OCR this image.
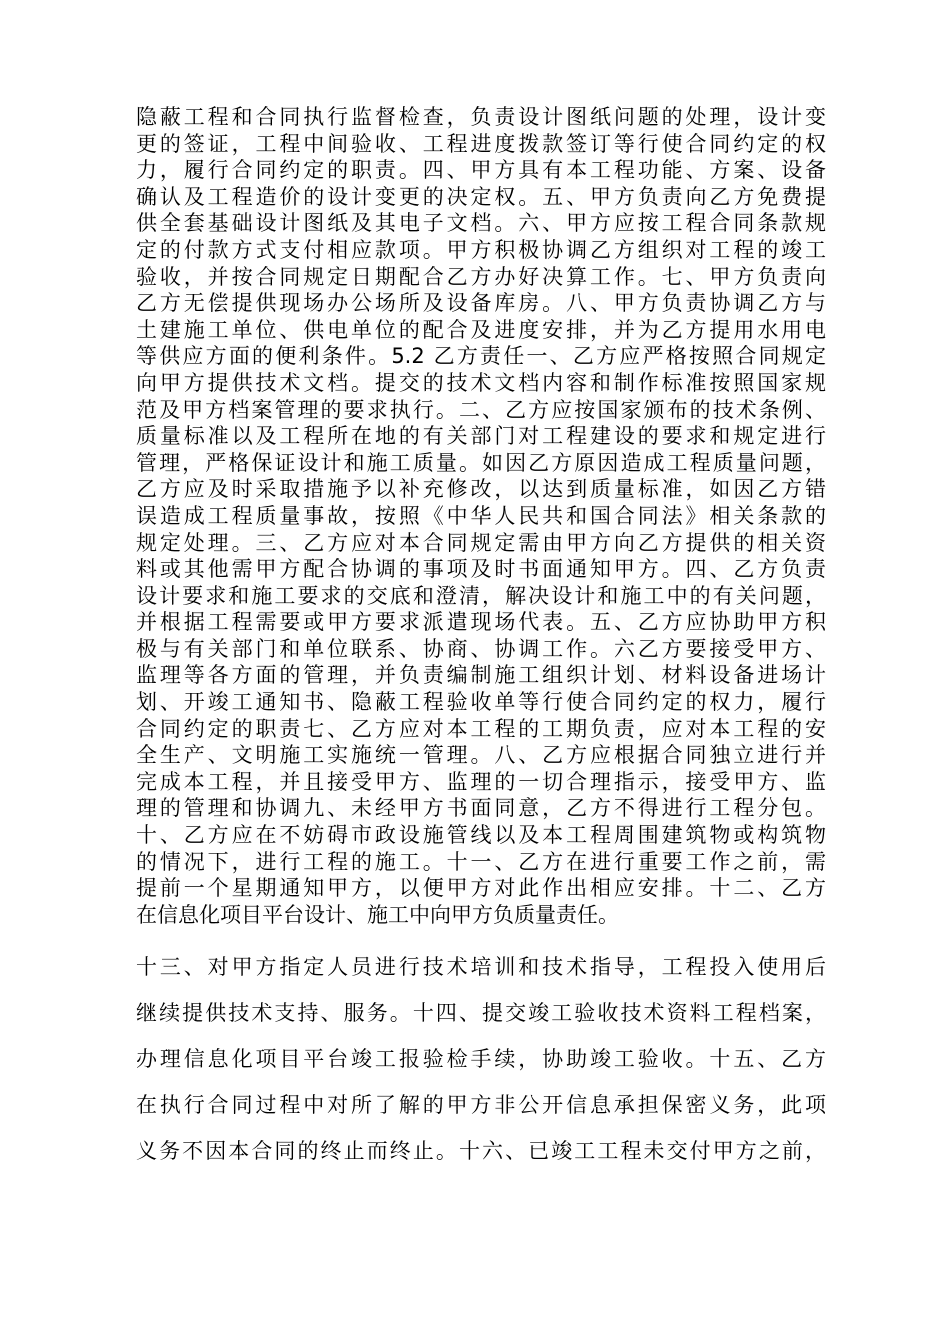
隐蔽工程和合同执行监督检查，负责设计图纸问题的处理，设计变
更的签证，工程中间验收、工程进度拨款签订等行使合同约定的权
力，履行合同约定的职责。四、甲方具有本工程功能、方案、设备
确认及工程造价的设计变更的决定权。五、甲方负责向乙方免费提
供全套基础设计图纸及其电子文档。六、甲方应按工程合同条款规
定的付款方式支付相应款项。甲方积极协调乙方组织对工程的竣工
验收，并按合同规定日期配合乙方办好决算工作。七、甲方负责向
乙方无偿提供现场办公场所及设备库房。八、甲方负责协调乙方与
土建施工单位、供电单位的配合及进度安排，并为乙方提用水用电
等供应方面的便利条件。5.2 乙方责任一、乙方应严格按照合同规定
向甲方提供技术文档。提交的技术文档内容和制作标准按照国家规
范及甲方档案管理的要求执行。二、乙方应按国家颁布的技术条例、
质量标准以及工程所在地的有关部门对工程建设的要求和规定进行
管理，严格保证设计和施工质量。如因乙方原因造成工程质量问题，
乙方应及时采取措施予以补充修改，以达到质量标准，如因乙方错
误造成工程质量事故，按照《中华人民共和国合同法》相关条款的
规定处理。三、乙方应对本合同规定需由甲方向乙方提供的相关资
料或其他需甲方配合协调的事项及时书面通知甲方。四、乙方负责
设计要求和施工要求的交底和澄清，解决设计和施工中的有关问题，
并根据工程需要或甲方要求派遣现场代表。五、乙方应协助甲方积
极与有关部门和单位联系、协商、协调工作。六乙方要接受甲方、
监理等各方面的管理，并负责编制施工组织计划、材料设备进场计
划、开竣工通知书、隐蔽工程验收单等行使合同约定的权力，履行
合同约定的职责七、乙方应对本工程的工期负责，应对本工程的安
全生产、文明施工实施统一管理。八、乙方应根据合同独立进行并
完成本工程，并且接受甲方、监理的一切合理指示，接受甲方、监
理的管理和协调九、未经甲方书面同意，乙方不得进行工程分包。
十、乙方应在不妨碍市政设施管线以及本工程周围建筑物或构筑物
的情况下，进行工程的施工。十一、乙方在进行重要工作之前，需
提前一个星期通知甲方，以便甲方对此作出相应安排。十二、乙方
在信息化项目平台设计、施工中向甲方负质量责任。
十三、对甲方指定人员进行技术培训和技术指导，工程投入使用后
继续提供技术支持、服务。十四、提交竣工验收技术资料工程档案，
办理信息化项目平台竣工报验检手续，协助竣工验收。十五、乙方
在执行合同过程中对所了解的甲方非公开信息承担保密义务，此项
义务不因本合同的终止而终止。十六、已竣工工程未交付甲方之前，
